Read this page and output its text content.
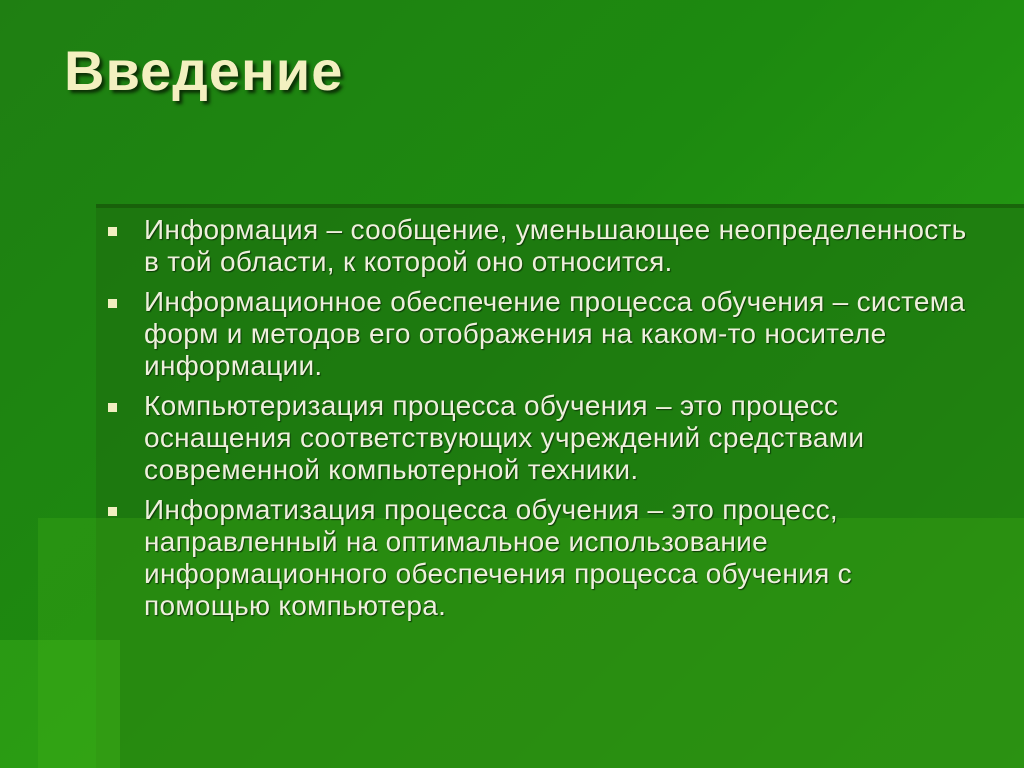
Введение
Информация – сообщение, уменьшающее неопределенность в той области, к которой оно относится.
Информационное обеспечение процесса обучения – система форм и методов его отображения на каком-то носителе информации.
Компьютеризация процесса обучения – это процесс оснащения соответствующих учреждений средствами современной компьютерной техники.
Информатизация процесса обучения – это процесс, направленный на оптимальное использование информационного обеспечения процесса обучения с помощью компьютера.
